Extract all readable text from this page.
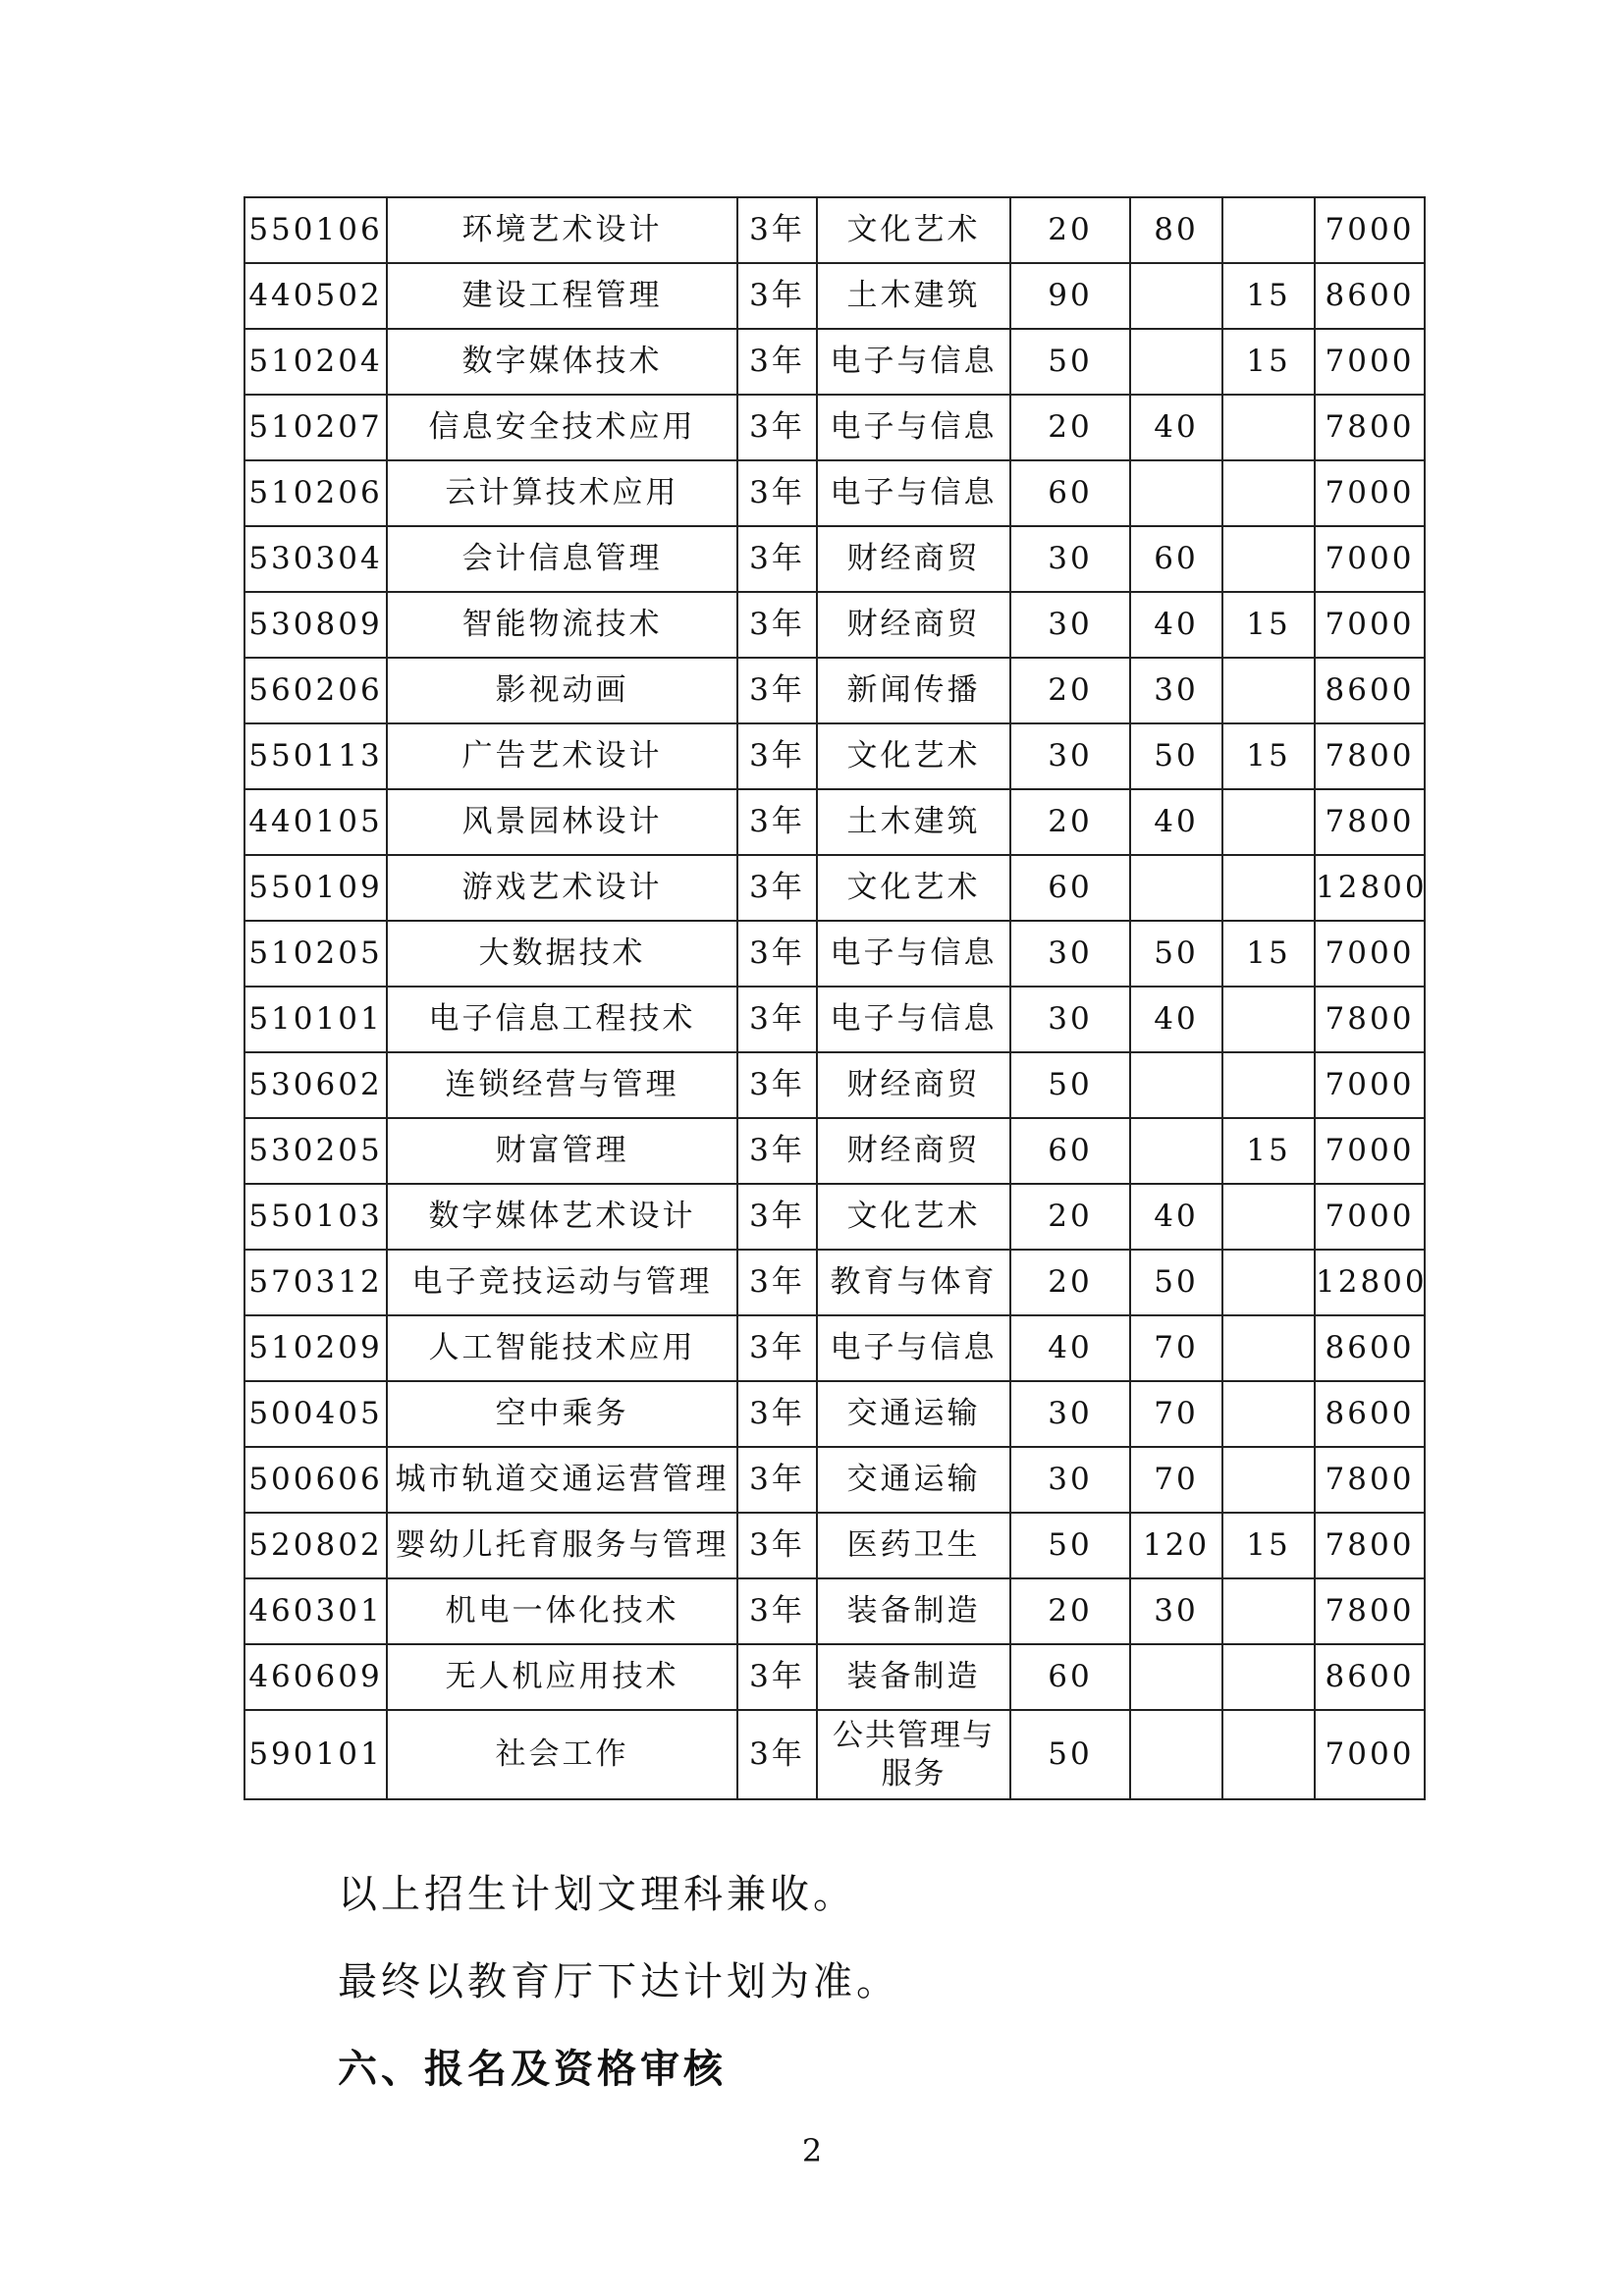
550106	环境艺术设计	3年	文化艺术	20	80		7000
440502	建设工程管理	3年	土木建筑	90		15	8600
510204	数字媒体技术	3年	电子与信息	50		15	7000
510207	信息安全技术应用	3年	电子与信息	20	40		7800
510206	云计算技术应用	3年	电子与信息	60			7000
530304	会计信息管理	3年	财经商贸	30	60		7000
530809	智能物流技术	3年	财经商贸	30	40	15	7000
560206	影视动画	3年	新闻传播	20	30		8600
550113	广告艺术设计	3年	文化艺术	30	50	15	7800
440105	风景园林设计	3年	土木建筑	20	40		7800
550109	游戏艺术设计	3年	文化艺术	60			12800
510205	大数据技术	3年	电子与信息	30	50	15	7000
510101	电子信息工程技术	3年	电子与信息	30	40		7800
530602	连锁经营与管理	3年	财经商贸	50			7000
530205	财富管理	3年	财经商贸	60		15	7000
550103	数字媒体艺术设计	3年	文化艺术	20	40		7000
570312	电子竞技运动与管理	3年	教育与体育	20	50		12800
510209	人工智能技术应用	3年	电子与信息	40	70		8600
500405	空中乘务	3年	交通运输	30	70		8600
500606	城市轨道交通运营管理	3年	交通运输	30	70		7800
520802	婴幼儿托育服务与管理	3年	医药卫生	50	120	15	7800
460301	机电一体化技术	3年	装备制造	20	30		7800
460609	无人机应用技术	3年	装备制造	60			8600
590101	社会工作	3年	公共管理与服务	50			7000
以上招生计划文理科兼收。
最终以教育厅下达计划为准。
六、报名及资格审核
2
